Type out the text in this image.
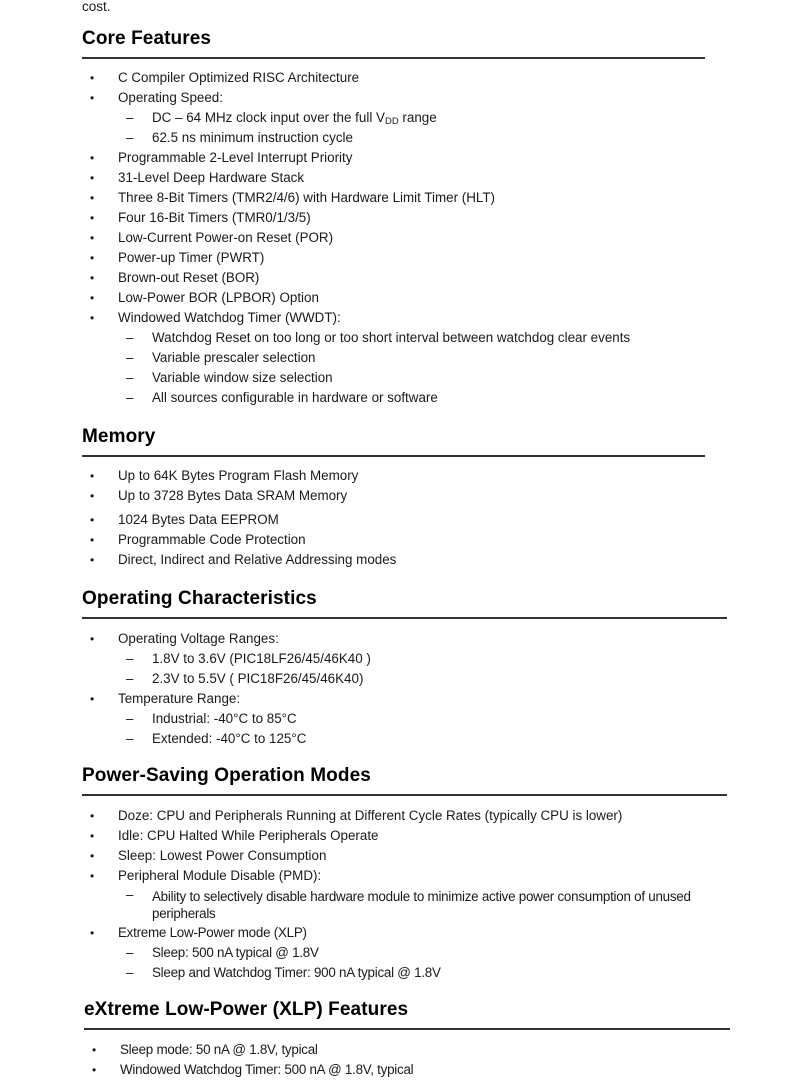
cost.
Core Features
• C Compiler Optimized RISC Architecture
• Operating Speed:
– DC – 64 MHz clock input over the full $V_{DD}$ range
– 62.5 ns minimum instruction cycle
• Programmable 2-Level Interrupt Priority
• 31-Level Deep Hardware Stack
• Three 8-Bit Timers (TMR2/4/6) with Hardware Limit Timer (HLT)
• Four 16-Bit Timers (TMR0/1/3/5)
• Low-Current Power-on Reset (POR)
• Power-up Timer (PWRT)
• Brown-out Reset (BOR)
• Low-Power BOR (LPBOR) Option
• Windowed Watchdog Timer (WWDT):
– Watchdog Reset on too long or too short interval between watchdog clear events
– Variable prescaler selection
– Variable window size selection
– All sources configurable in hardware or software
Memory
• Up to 64K Bytes Program Flash Memory
• Up to 3728 Bytes Data SRAM Memory
• 1024 Bytes Data EEPROM
• Programmable Code Protection
• Direct, Indirect and Relative Addressing modes
Operating Characteristics
• Operating Voltage Ranges:
– 1.8V to 3.6V (PIC18LF26/45/46K40 )
– 2.3V to 5.5V ( PIC18F26/45/46K40)
• Temperature Range:
– Industrial: -40°C to 85°C
– Extended: -40°C to 125°C
Power-Saving Operation Modes
• Doze: CPU and Peripherals Running at Different Cycle Rates (typically CPU is lower)
• Idle: CPU Halted While Peripherals Operate
• Sleep: Lowest Power Consumption
• Peripheral Module Disable (PMD):
– Ability to selectively disable hardware module to minimize active power consumption of unused peripherals
• Extreme Low-Power mode (XLP)
– Sleep: 500 nA typical @ 1.8V
– Sleep and Watchdog Timer: 900 nA typical @ 1.8V
eXtreme Low-Power (XLP) Features
• Sleep mode: 50 nA @ 1.8V, typical
• Windowed Watchdog Timer: 500 nA @ 1.8V, typical
